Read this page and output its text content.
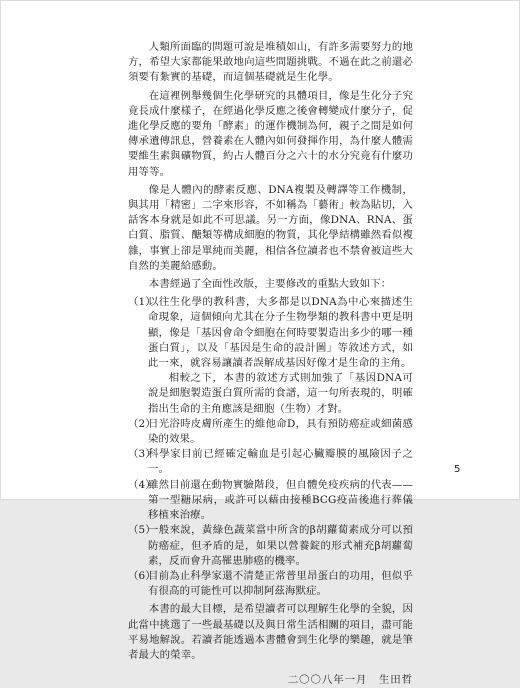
人類所面臨的問題可說是堆積如山，有許多需要努力的地方，希望大家都能果敢地向這些問題挑戰。不過在此之前還必須要有紮實的基礎，而這個基礎就是生化學。

在這裡例舉幾個生化學研究的具體項目，像是生化分子究竟長成什麼樣子，在經過化學反應之後會轉變成什麼分子，促進化學反應的要角「酵素」的運作機制為何，親子之間是如何傳承遺傳訊息，營養素在人體內如何發揮作用，為什麼人體需要維生素與礦物質，約占人體百分之六十的水分究竟有什麼功用等等。

像是人體內的酵素反應、DNA複製及轉譯等工作機制，與其用「精密」二字來形容，不如稱為「藝術」較為貼切，入話客本身就是如此不可思議。另一方面，像DNA、RNA、蛋白質、脂質、醣類等構成細胞的物質，其化學結構雖然看似複雜，事實上卻是單純而美麗，相信各位讀者也不禁會被這些大自然的美麗給感動。

本書經過了全面性改版，主要修改的重點大致如下：

（1）
以往生化學的教科書，大多都是以DNA為中心來描述生命現象，這個傾向尤其在分子生物學類的教科書中更是明顯，像是「基因會命令細胞在何時要製造出多少的哪一種蛋白質」，以及「基因是生命的設計圖」等敘述方式，如此一來，就容易讓讀者誤解成基因好像才是生命的主角。
相較之下，本書的敘述方式則加強了「基因DNA可說是細胞製造蛋白質所需的食譜，這一句所表現的，明確指出生命的主角應該是細胞（生物）才對。
（2）
日光浴時皮膚所產生的維他命D，具有預防癌症或細菌感染的效果。
（3）
科學家目前已經確定輸血是引起心臟瓣膜的風險因子之一。
（4）
雖然目前還在動物實驗階段，但自體免疫疾病的代表——第一型糖尿病，或許可以藉由接種BCG疫苗後進行葬儀移植來治療。
（5）
一般來說，黃綠色蔬菜當中所含的β胡蘿蔔素成分可以預防癌症，但矛盾的是，如果以營養錠的形式補充β胡蘿蔔素，反而會升高罹患肺癌的機率。
（6）
目前為止科學家還不清楚正常普里昂蛋白的功用，但似乎有很高的可能性可以抑制阿茲海默症。

本書的最大目標，是希望讀者可以理解生化學的全貌，因此當中挑選了一些最基礎以及與日常生活相關的項目，盡可能平易地解說。若讀者能透過本書體會到生化學的樂趣，就是筆者最大的榮幸。

二〇〇八年一月　生田哲
5
